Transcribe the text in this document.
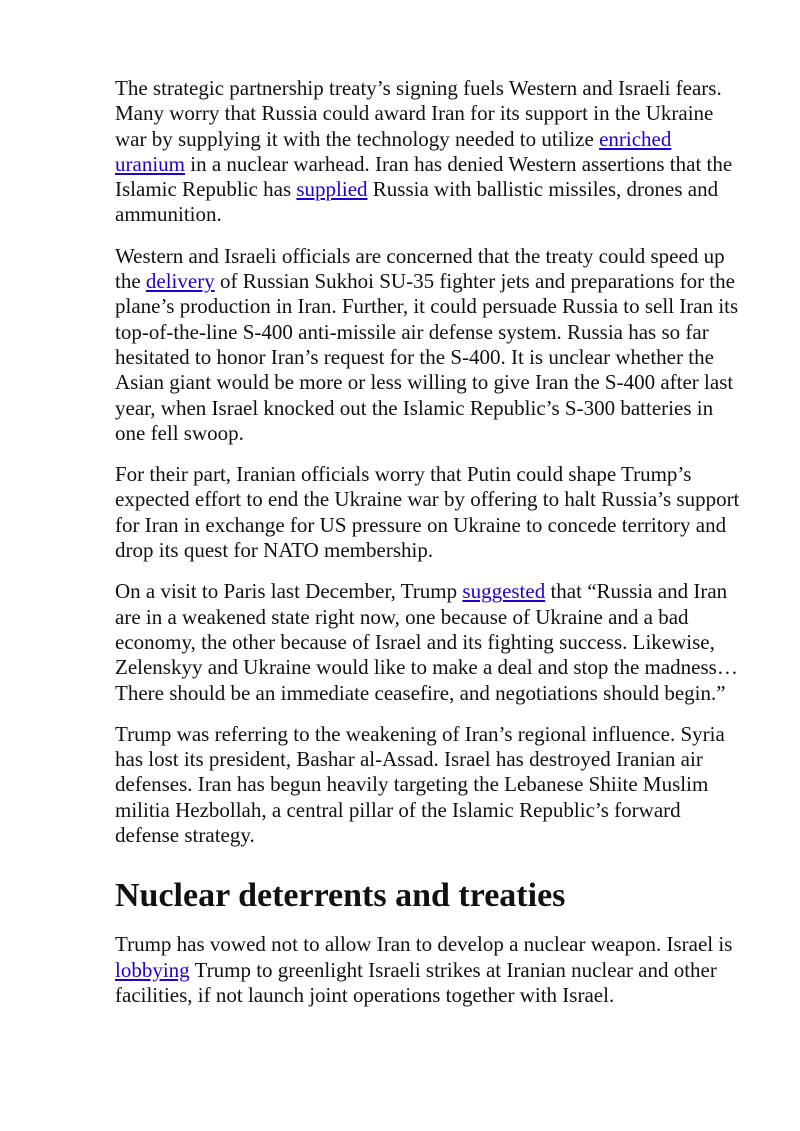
The strategic partnership treaty’s signing fuels Western and Israeli fears. Many worry that Russia could award Iran for its support in the Ukraine war by supplying it with the technology needed to utilize enriched uranium in a nuclear warhead. Iran has denied Western assertions that the Islamic Republic has supplied Russia with ballistic missiles, drones and ammunition.

Western and Israeli officials are concerned that the treaty could speed up the delivery of Russian Sukhoi SU-35 fighter jets and preparations for the plane’s production in Iran. Further, it could persuade Russia to sell Iran its top-of-the-line S-400 anti-missile air defense system. Russia has so far hesitated to honor Iran’s request for the S-400. It is unclear whether the Asian giant would be more or less willing to give Iran the S-400 after last year, when Israel knocked out the Islamic Republic’s S-300 batteries in one fell swoop.

For their part, Iranian officials worry that Putin could shape Trump’s expected effort to end the Ukraine war by offering to halt Russia’s support for Iran in exchange for US pressure on Ukraine to concede territory and drop its quest for NATO membership.

On a visit to Paris last December, Trump suggested that “Russia and Iran are in a weakened state right now, one because of Ukraine and a bad economy, the other because of Israel and its fighting success. Likewise, Zelenskyy and Ukraine would like to make a deal and stop the madness… There should be an immediate ceasefire, and negotiations should begin.”

Trump was referring to the weakening of Iran’s regional influence. Syria has lost its president, Bashar al-Assad. Israel has destroyed Iranian air defenses. Iran has begun heavily targeting the Lebanese Shiite Muslim militia Hezbollah, a central pillar of the Islamic Republic’s forward defense strategy.

Nuclear deterrents and treaties

Trump has vowed not to allow Iran to develop a nuclear weapon. Israel is lobbying Trump to greenlight Israeli strikes at Iranian nuclear and other facilities, if not launch joint operations together with Israel.
